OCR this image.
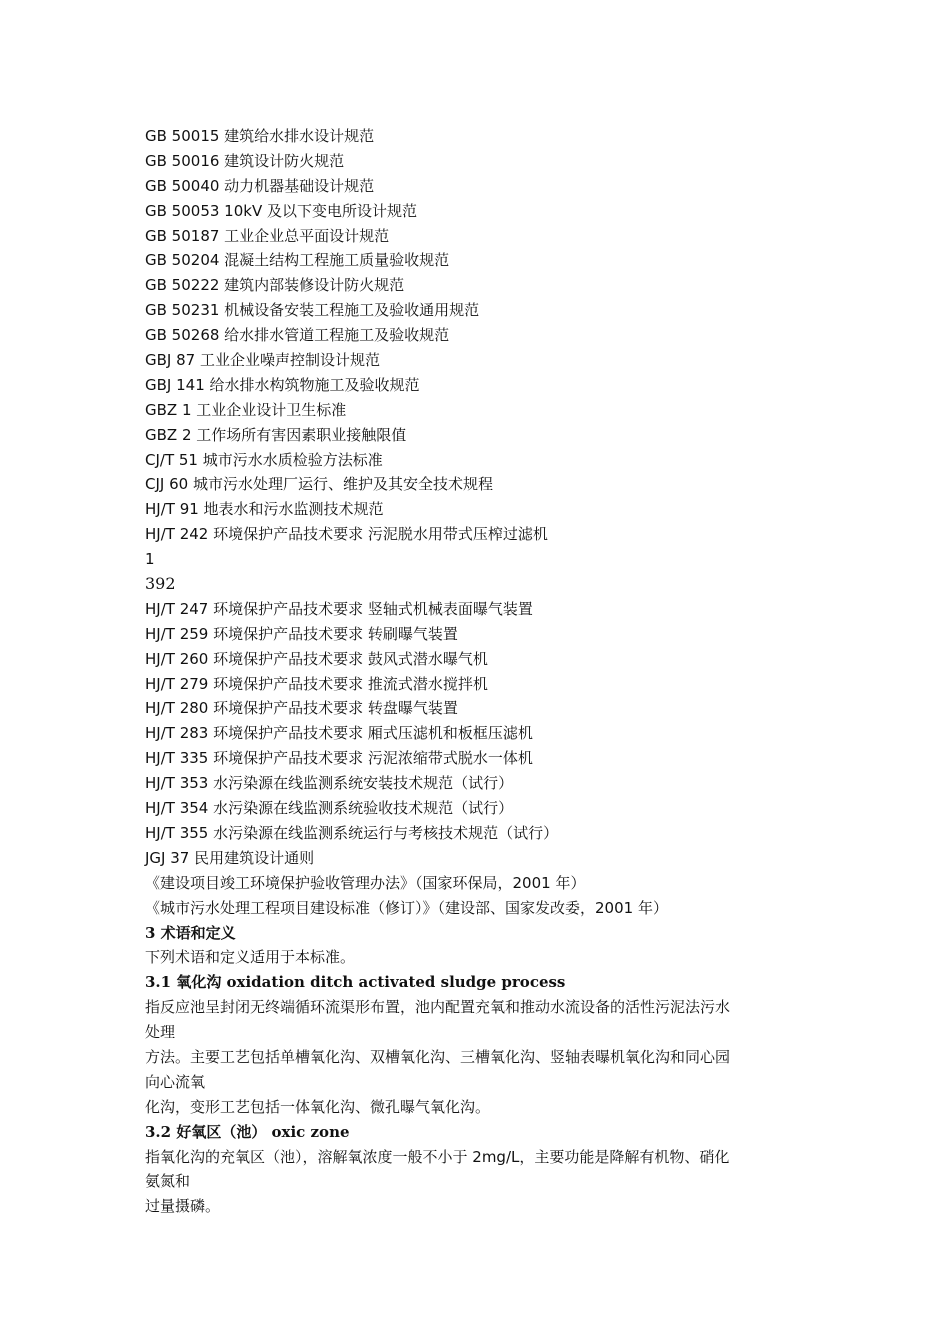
GB 50015 建筑给水排水设计规范
GB 50016 建筑设计防火规范
GB 50040 动力机器基础设计规范
GB 50053 10kV 及以下变电所设计规范
GB 50187 工业企业总平面设计规范
GB 50204 混凝土结构工程施工质量验收规范
GB 50222 建筑内部装修设计防火规范
GB 50231 机械设备安装工程施工及验收通用规范
GB 50268 给水排水管道工程施工及验收规范
GBJ 87 工业企业噪声控制设计规范
GBJ 141 给水排水构筑物施工及验收规范
GBZ 1 工业企业设计卫生标准
GBZ 2 工作场所有害因素职业接触限值
CJ/T 51 城市污水水质检验方法标准
CJJ 60 城市污水处理厂运行、维护及其安全技术规程
HJ/T 91 地表水和污水监测技术规范
HJ/T 242 环境保护产品技术要求 污泥脱水用带式压榨过滤机
1
392
HJ/T 247 环境保护产品技术要求 竖轴式机械表面曝气装置
HJ/T 259 环境保护产品技术要求 转刷曝气装置
HJ/T 260 环境保护产品技术要求 鼓风式潜水曝气机
HJ/T 279 环境保护产品技术要求 推流式潜水搅拌机
HJ/T 280 环境保护产品技术要求 转盘曝气装置
HJ/T 283 环境保护产品技术要求 厢式压滤机和板框压滤机
HJ/T 335 环境保护产品技术要求 污泥浓缩带式脱水一体机
HJ/T 353 水污染源在线监测系统安装技术规范（试行）
HJ/T 354 水污染源在线监测系统验收技术规范（试行）
HJ/T 355 水污染源在线监测系统运行与考核技术规范（试行）
JGJ 37 民用建筑设计通则
《建设项目竣工环境保护验收管理办法》（国家环保局，2001 年）
《城市污水处理工程项目建设标准（修订）》（建设部、国家发改委，2001 年）
3 术语和定义
下列术语和定义适用于本标准。
3.1 氧化沟 oxidation ditch activated sludge process
指反应池呈封闭无终端循环流渠形布置，池内配置充氧和推动水流设备的活性污泥法污水
处理
方法。主要工艺包括单槽氧化沟、双槽氧化沟、三槽氧化沟、竖轴表曝机氧化沟和同心园
向心流氧
化沟，变形工艺包括一体氧化沟、微孔曝气氧化沟。
3.2 好氧区（池） oxic zone
指氧化沟的充氧区（池），溶解氧浓度一般不小于 2mg/L，主要功能是降解有机物、硝化
氨氮和
过量摄磷。
